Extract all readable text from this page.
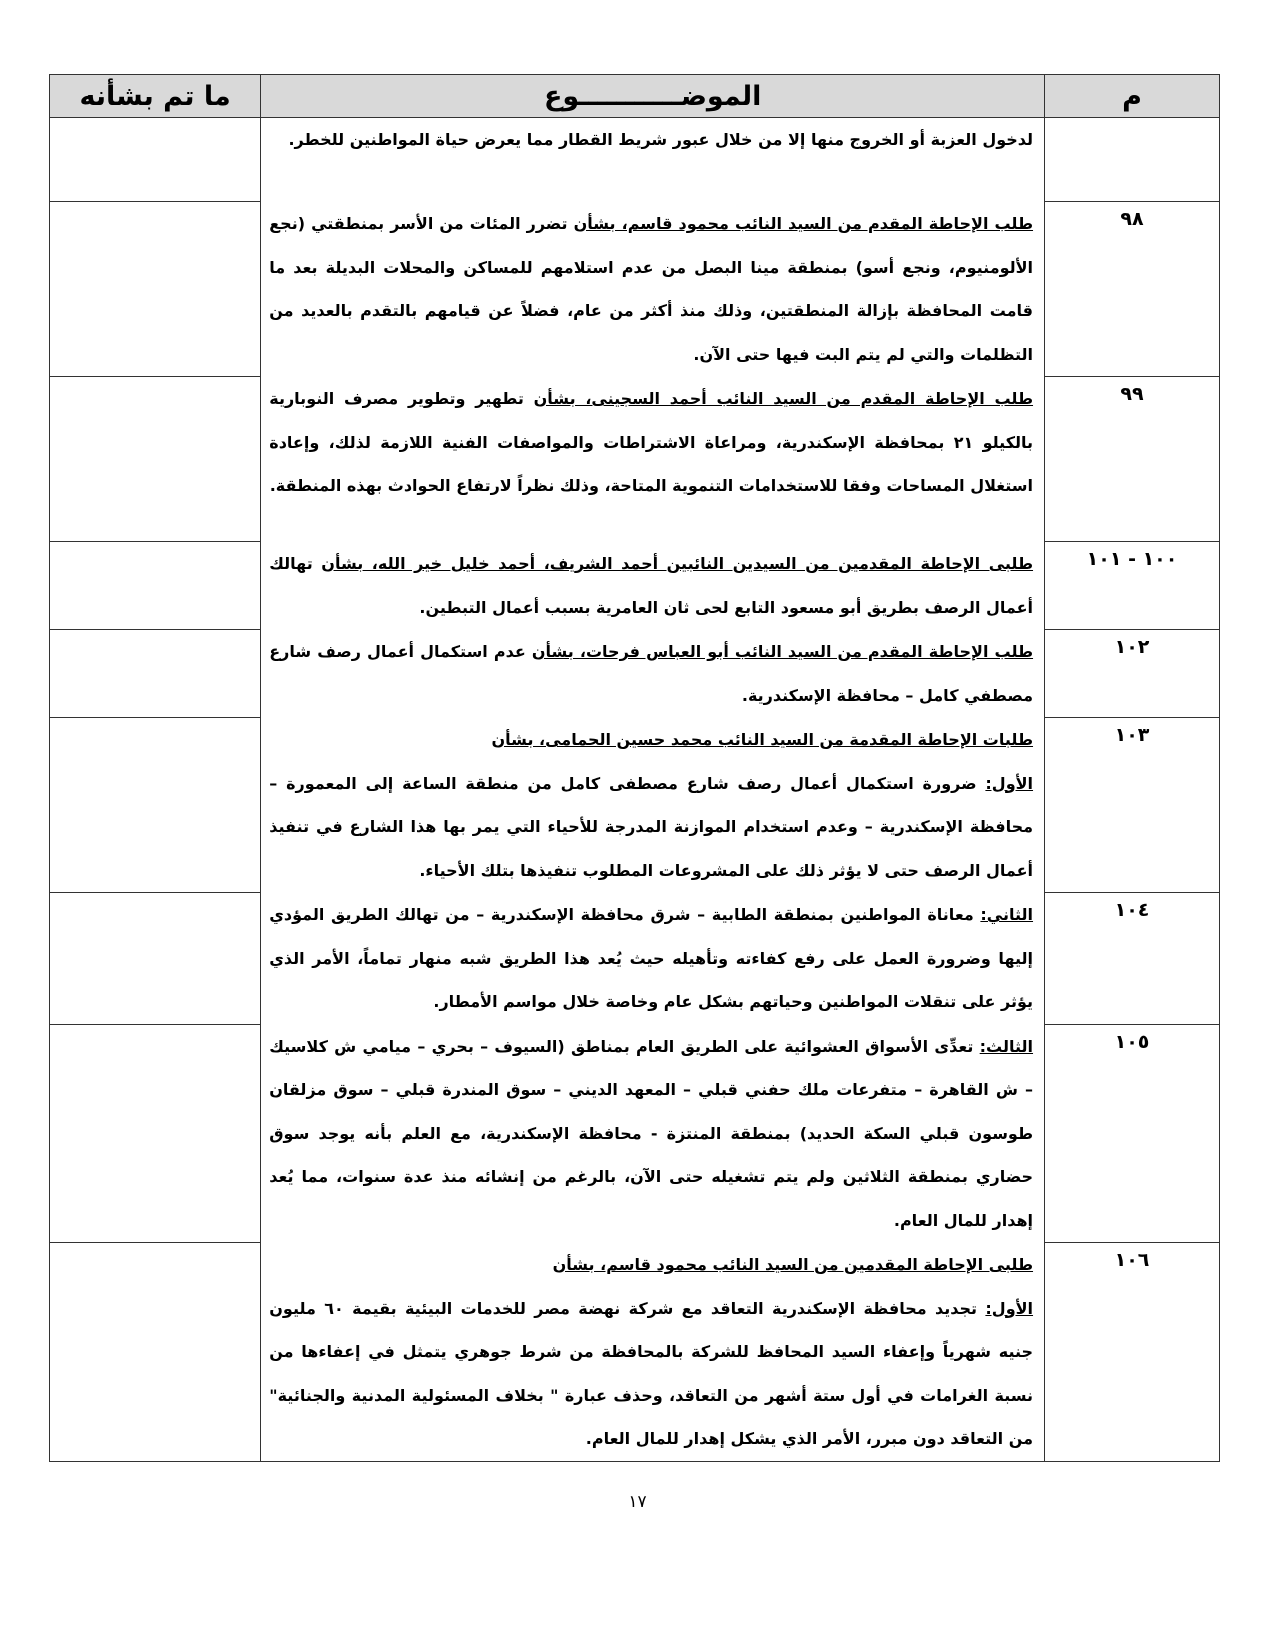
م	الموضـــــــــــوع	ما تم بشأنه
	لدخول العزبة أو الخروج منها إلا من خلال عبور شريط القطار مما يعرض حياة المواطنين للخطر.	
٩٨	طلب الإحاطة المقدم من السيد النائب محمود قاسم، بشأن تضرر المئات من الأسر بمنطقتي (نجع الألومنيوم، ونجع أسو) بمنطقة مينا البصل من عدم استلامهم للمساكن والمحلات البديلة بعد ما قامت المحافظة بإزالة المنطقتين، وذلك منذ أكثر من عام، فضلاً عن قيامهم بالتقدم بالعديد من التظلمات والتي لم يتم البت فيها حتى الآن.	
٩٩	طلب الإحاطة المقدم من السيد النائب أحمد السجينى، بشأن تطهير وتطوير مصرف النوبارية بالكيلو ٢١ بمحافظة الإسكندرية، ومراعاة الاشتراطات والمواصفات الفنية اللازمة لذلك، وإعادة استغلال المساحات وفقا للاستخدامات التنموية المتاحة، وذلك نظراً لارتفاع الحوادث بهذه المنطقة.	
١٠٠ - ١٠١	طلبى الإحاطة المقدمين من السيدين النائبين أحمد الشريف، أحمد خليل خير الله، بشأن تهالك أعمال الرصف بطريق أبو مسعود التابع لحى ثان العامرية بسبب أعمال التبطين.	
١٠٢	طلب الإحاطة المقدم من السيد النائب أبو العباس فرحات، بشأن عدم استكمال أعمال رصف شارع مصطفي كامل – محافظة الإسكندرية.	
١٠٣	طلبات الإحاطة المقدمة من السيد النائب محمد حسين الحمامى، بشأن
الأول: ضرورة استكمال أعمال رصف شارع مصطفى كامل من منطقة الساعة إلى المعمورة – محافظة الإسكندرية – وعدم استخدام الموازنة المدرجة للأحياء التي يمر بها هذا الشارع في تنفيذ أعمال الرصف حتى لا يؤثر ذلك على المشروعات المطلوب تنفيذها بتلك الأحياء.	
١٠٤	الثاني: معاناة المواطنين بمنطقة الطابية – شرق محافظة الإسكندرية – من تهالك الطريق المؤدي إليها وضرورة العمل على رفع كفاءته وتأهيله حيث يُعد هذا الطريق شبه منهار تماماً، الأمر الذي يؤثر على تنقلات المواطنين وحياتهم بشكل عام وخاصة خلال مواسم الأمطار.	
١٠٥	الثالث: تعدِّى الأسواق العشوائية على الطريق العام بمناطق (السيوف – بحري – ميامي ش كلاسيك – ش القاهرة – متفرعات ملك حفني قبلي – المعهد الديني – سوق المندرة قبلي – سوق مزلقان طوسون قبلي السكة الحديد) بمنطقة المنتزة - محافظة الإسكندرية، مع العلم بأنه يوجد سوق حضاري بمنطقة الثلاثين ولم يتم تشغيله حتى الآن، بالرغم من إنشائه منذ عدة سنوات، مما يُعد إهدار للمال العام.	
١٠٦	طلبى الإحاطة المقدمين من السيد النائب محمود قاسم، بشأن
الأول: تجديد محافظة الإسكندرية التعاقد مع شركة نهضة مصر للخدمات البيئية بقيمة ٦٠ مليون جنيه شهرياً وإعفاء السيد المحافظ للشركة بالمحافظة من شرط جوهري يتمثل في إعفاءها من نسبة الغرامات في أول ستة أشهر من التعاقد، وحذف عبارة " بخلاف المسئولية المدنية والجنائية" من التعاقد دون مبرر، الأمر الذي يشكل إهدار للمال العام.	
١٧
